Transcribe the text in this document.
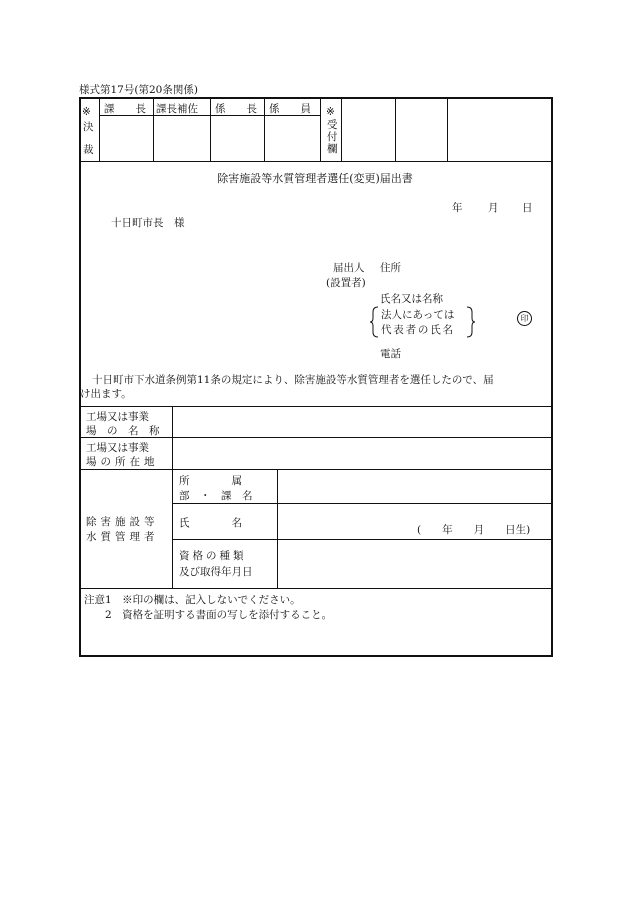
様式第17号(第20条関係)
※
決
裁
課　　長 課長補佐 係　　長 係　　員 ※
受
付
欄
除害施設等水質管理者選任(変更)届出書
年 月 日
十日町市長　様
届出人
(設置者)
住所
氏名又は名称
法人にあっては
代表者の氏名
印
電話
十日町市下水道条例第11条の規定により、除害施設等水質管理者を選任したので、届
け出ます。
工場又は事業
場　の　名　称
工場又は事業
場の所在地
除害施設等
水質管理者
所　　　　属
部　・　課　名
氏　　　　名
(　　年　　月　　日生)
資格の種類
及び取得年月日
注意1　※印の欄は、記入しないでください。
　　2　資格を証明する書面の写しを添付すること。
